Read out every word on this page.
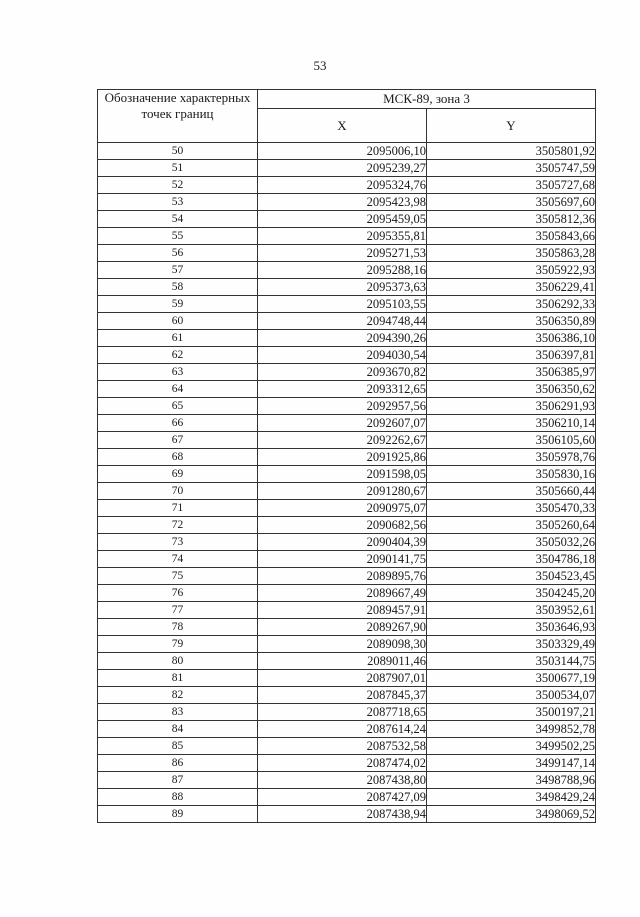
53
Обозначение характерных точек границ	МСК-89, зона 3	
	X	Y
50	2095006,10	3505801,92
51	2095239,27	3505747,59
52	2095324,76	3505727,68
53	2095423,98	3505697,60
54	2095459,05	3505812,36
55	2095355,81	3505843,66
56	2095271,53	3505863,28
57	2095288,16	3505922,93
58	2095373,63	3506229,41
59	2095103,55	3506292,33
60	2094748,44	3506350,89
61	2094390,26	3506386,10
62	2094030,54	3506397,81
63	2093670,82	3506385,97
64	2093312,65	3506350,62
65	2092957,56	3506291,93
66	2092607,07	3506210,14
67	2092262,67	3506105,60
68	2091925,86	3505978,76
69	2091598,05	3505830,16
70	2091280,67	3505660,44
71	2090975,07	3505470,33
72	2090682,56	3505260,64
73	2090404,39	3505032,26
74	2090141,75	3504786,18
75	2089895,76	3504523,45
76	2089667,49	3504245,20
77	2089457,91	3503952,61
78	2089267,90	3503646,93
79	2089098,30	3503329,49
80	2089011,46	3503144,75
81	2087907,01	3500677,19
82	2087845,37	3500534,07
83	2087718,65	3500197,21
84	2087614,24	3499852,78
85	2087532,58	3499502,25
86	2087474,02	3499147,14
87	2087438,80	3498788,96
88	2087427,09	3498429,24
89	2087438,94	3498069,52
